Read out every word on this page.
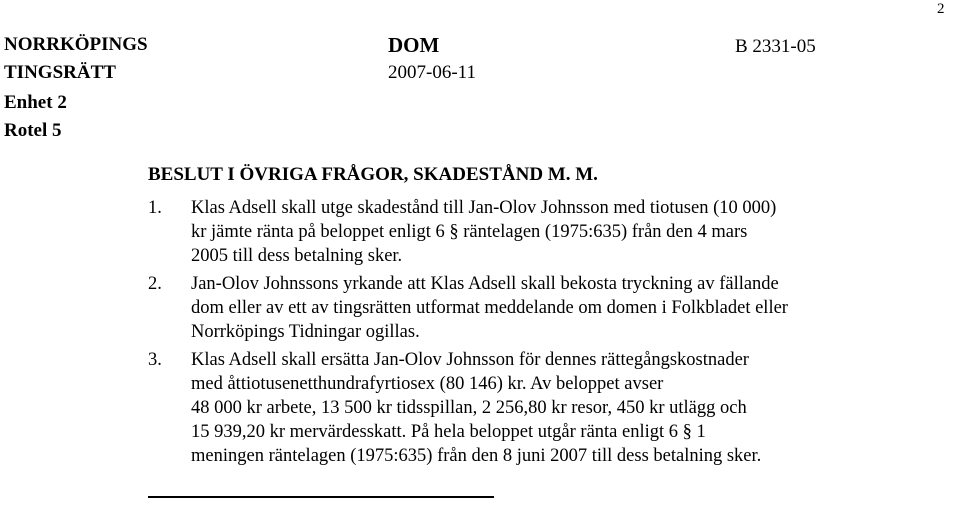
2
NORRKÖPINGS
TINGSRÄTT
Enhet 2
Rotel 5
DOM
2007-06-11
B 2331-05
BESLUT I ÖVRIGA FRÅGOR, SKADESTÅND M. M.
1. Klas Adsell skall utge skadestånd till Jan-Olov Johnsson med tiotusen (10 000)
kr jämte ränta på beloppet enligt 6 § räntelagen (1975:635) från den 4 mars
2005 till dess betalning sker.
2. Jan-Olov Johnssons yrkande att Klas Adsell skall bekosta tryckning av fällande
dom eller av ett av tingsrätten utformat meddelande om domen i Folkbladet eller
Norrköpings Tidningar ogillas.
3. Klas Adsell skall ersätta Jan-Olov Johnsson för dennes rättegångskostnader
med åttiotusenetthundrafyrtiosex (80 146) kr. Av beloppet avser
48 000 kr arbete, 13 500 kr tidsspillan, 2 256,80 kr resor, 450 kr utlägg och
15 939,20 kr mervärdesskatt. På hela beloppet utgår ränta enligt 6 § 1
meningen räntelagen (1975:635) från den 8 juni 2007 till dess betalning sker.
